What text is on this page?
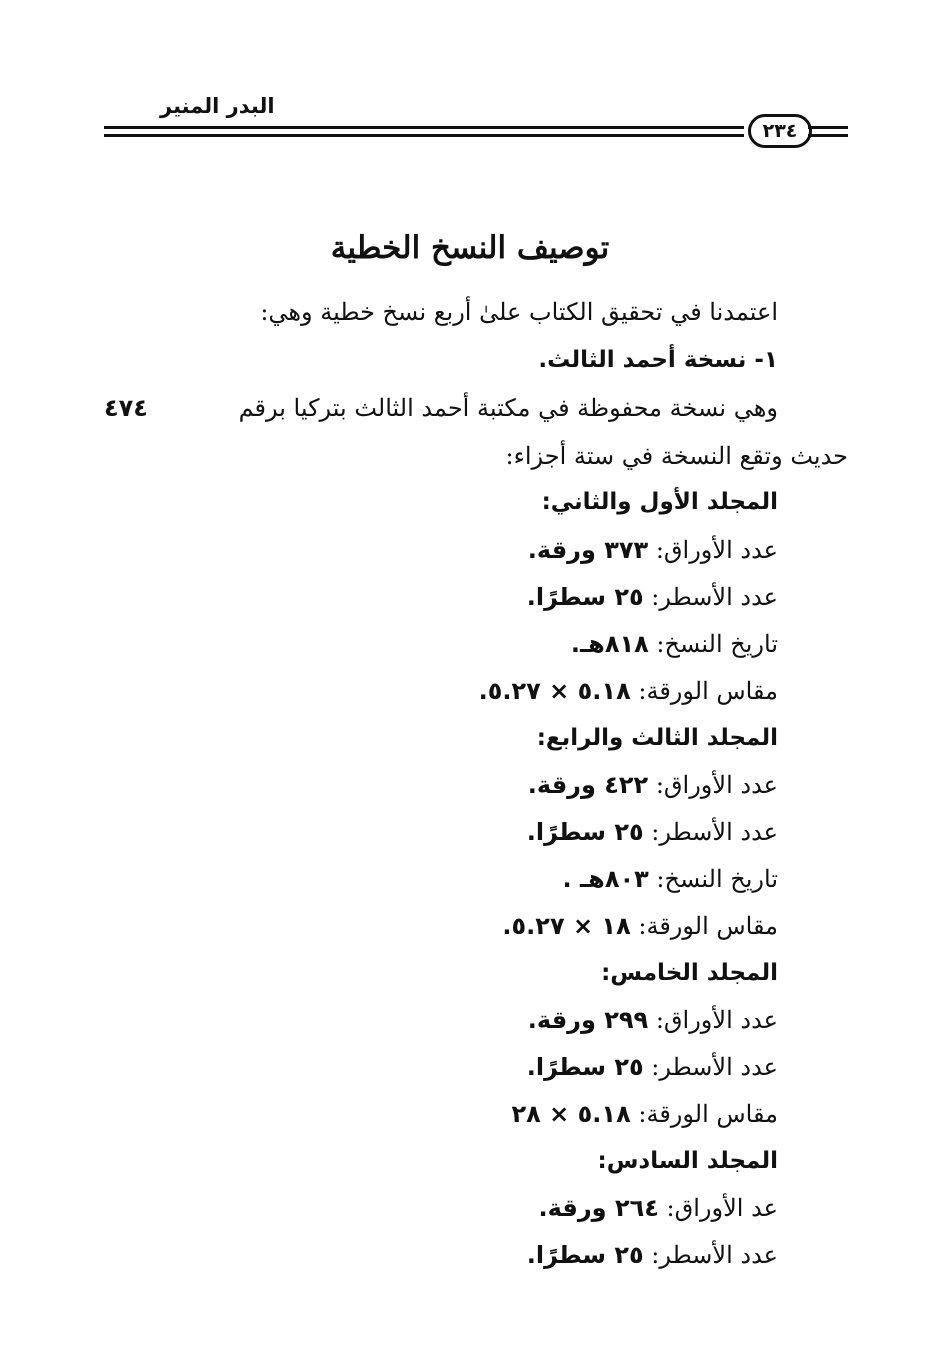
البدر المنير
٢٣٤
توصيف النسخ الخطية
اعتمدنا في تحقيق الكتاب علىٰ أربع نسخ خطية وهي:
١- نسخة أحمد الثالث.
وهي نسخة محفوظة في مكتبة أحمد الثالث بتركيا برقم
٤٧٤
حديث وتقع النسخة في ستة أجزاء:
المجلد الأول والثاني:
عدد الأوراق: ٣٧٣ ورقة.
عدد الأسطر: ٢٥ سطرًا.
تاريخ النسخ: ٨١٨هـ.
مقاس الورقة: ٥.١٨ × ٥.٢٧.
المجلد الثالث والرابع:
عدد الأوراق: ٤٢٢ ورقة.
عدد الأسطر: ٢٥ سطرًا.
تاريخ النسخ: ٨٠٣هـ .
مقاس الورقة: ١٨ × ٥.٢٧.
المجلد الخامس:
عدد الأوراق: ٢٩٩ ورقة.
عدد الأسطر: ٢٥ سطرًا.
مقاس الورقة: ٥.١٨ × ٢٨
المجلد السادس:
عد الأوراق: ٢٦٤ ورقة.
عدد الأسطر: ٢٥ سطرًا.
